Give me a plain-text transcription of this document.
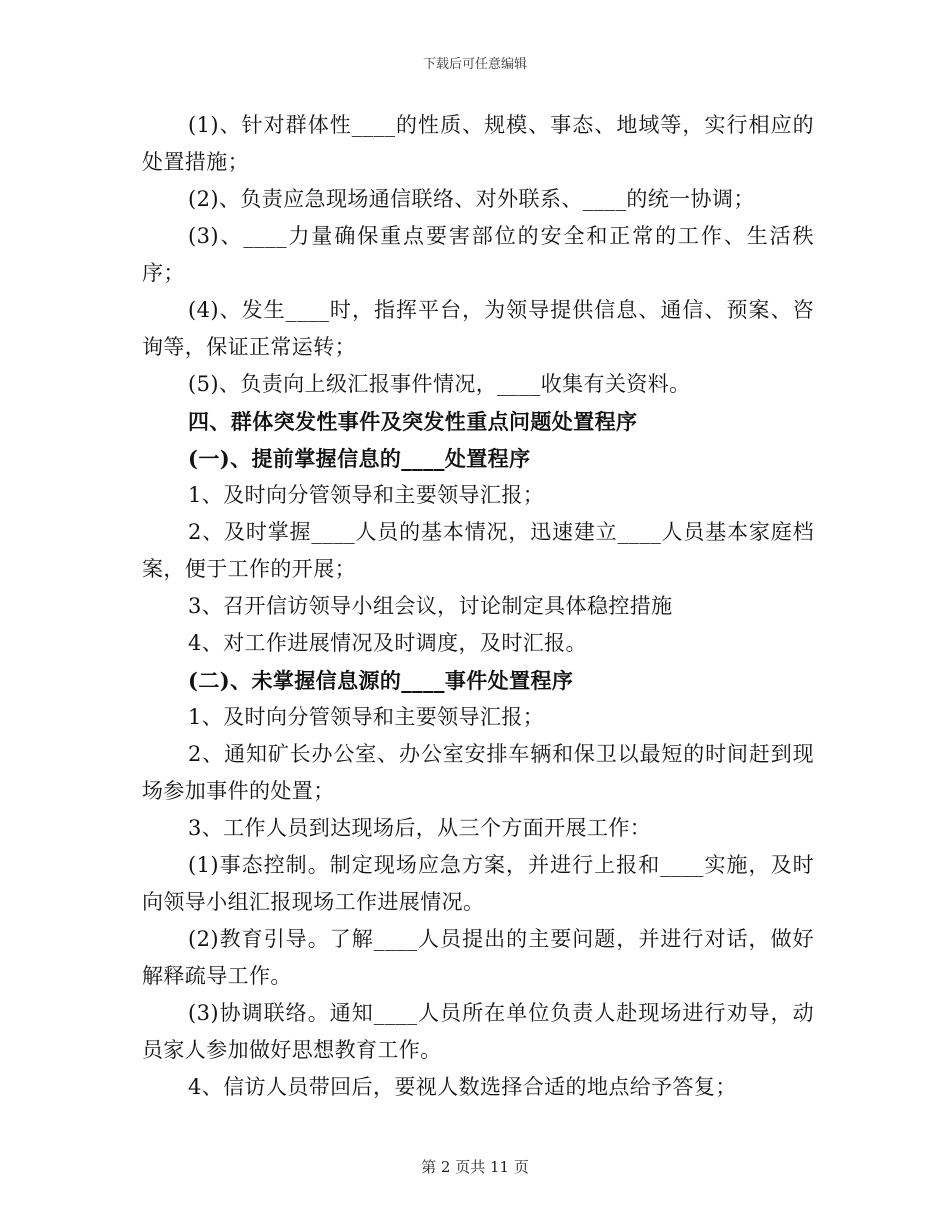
下载后可任意编辑

(1)、针对群体性____的性质、规模、事态、地域等，实行相应的处置措施；

(2)、负责应急现场通信联络、对外联系、____的统一协调；

(3)、____力量确保重点要害部位的安全和正常的工作、生活秩序；

(4)、发生____时，指挥平台，为领导提供信息、通信、预案、咨询等，保证正常运转；

(5)、负责向上级汇报事件情况，____收集有关资料。

四、群体突发性事件及突发性重点问题处置程序

(一)、提前掌握信息的____处置程序

1、及时向分管领导和主要领导汇报；

2、及时掌握____人员的基本情况，迅速建立____人员基本家庭档案，便于工作的开展；

3、召开信访领导小组会议，讨论制定具体稳控措施

4、对工作进展情况及时调度，及时汇报。

(二)、未掌握信息源的____事件处置程序

1、及时向分管领导和主要领导汇报；

2、通知矿长办公室、办公室安排车辆和保卫以最短的时间赶到现场参加事件的处置；

3、工作人员到达现场后，从三个方面开展工作：

(1)事态控制。制定现场应急方案，并进行上报和____实施，及时向领导小组汇报现场工作进展情况。

(2)教育引导。了解____人员提出的主要问题，并进行对话，做好解释疏导工作。

(3)协调联络。通知____人员所在单位负责人赴现场进行劝导，动员家人参加做好思想教育工作。

4、信访人员带回后，要视人数选择合适的地点给予答复；

第 2 页共 11 页
